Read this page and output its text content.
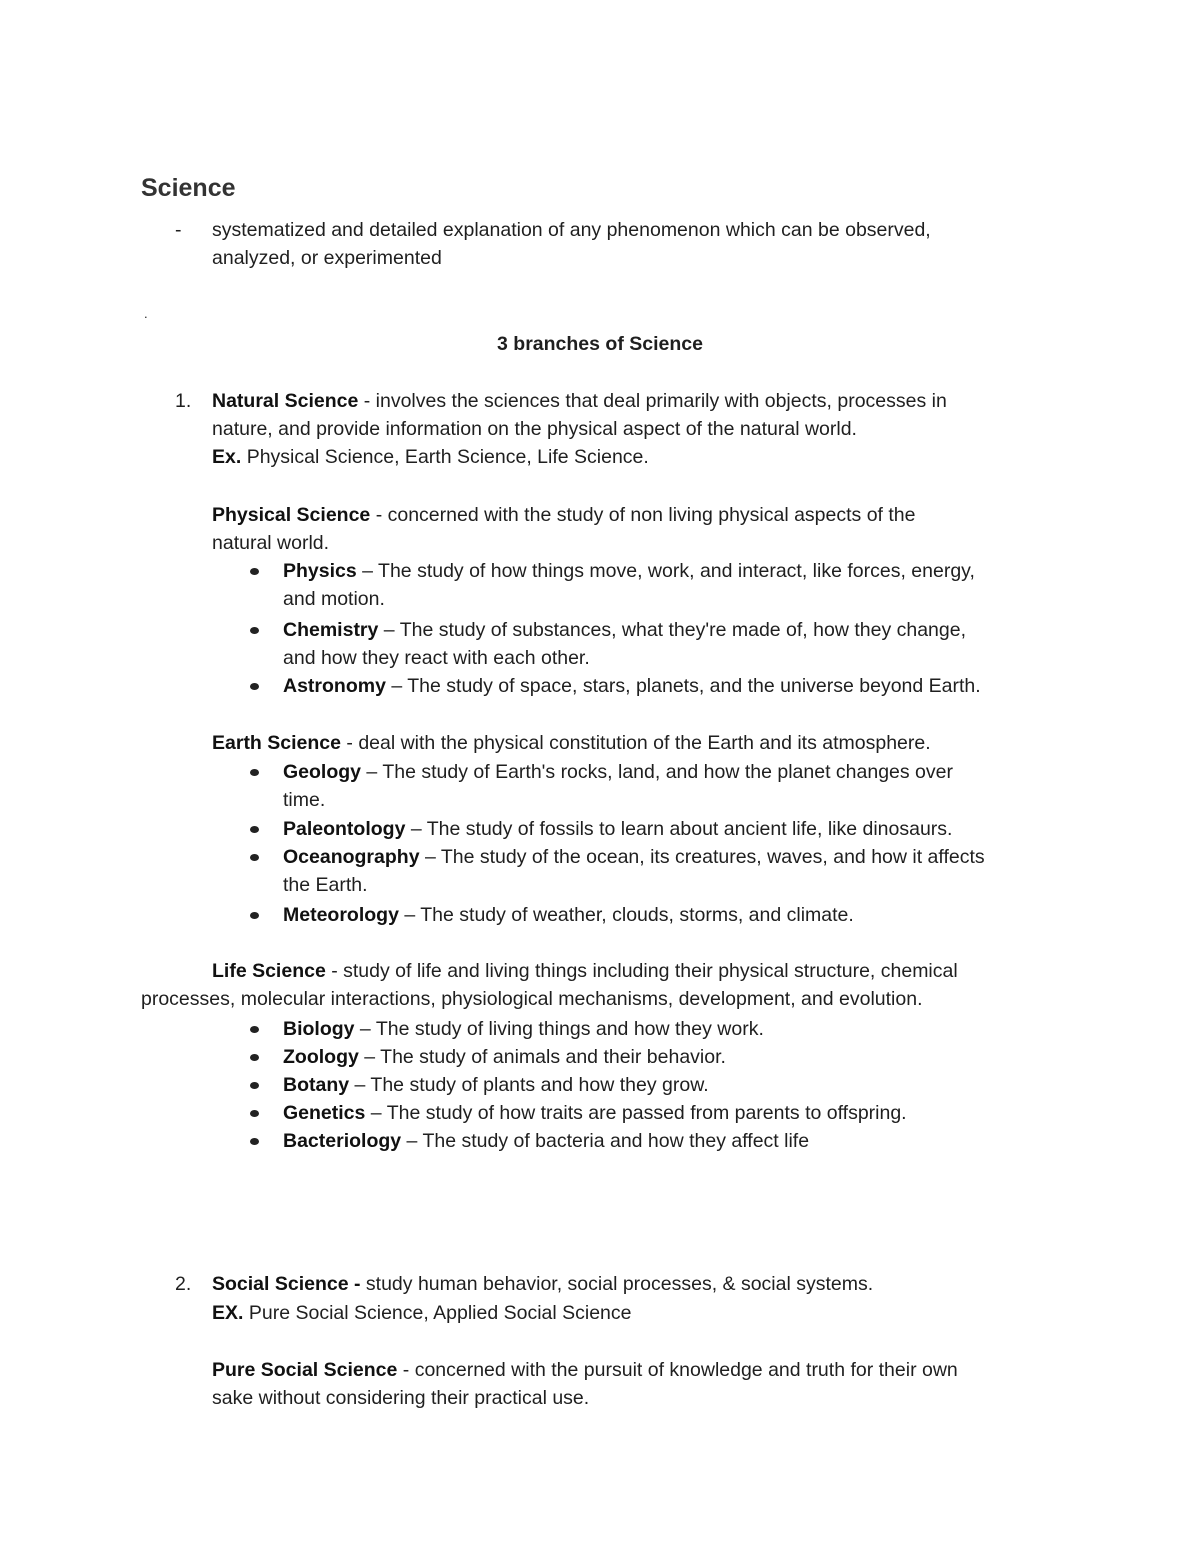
Science
- systematized and detailed explanation of any phenomenon which can be observed,
analyzed, or experimented
.
3 branches of Science
1. Natural Science - involves the sciences that deal primarily with objects, processes in
nature, and provide information on the physical aspect of the natural world.
Ex. Physical Science, Earth Science, Life Science.
Physical Science - concerned with the study of non living physical aspects of the
natural world.
Physics – The study of how things move, work, and interact, like forces, energy,
and motion.
Chemistry – The study of substances, what they're made of, how they change,
and how they react with each other.
Astronomy – The study of space, stars, planets, and the universe beyond Earth.
Earth Science - deal with the physical constitution of the Earth and its atmosphere.
Geology – The study of Earth's rocks, land, and how the planet changes over
time.
Paleontology – The study of fossils to learn about ancient life, like dinosaurs.
Oceanography – The study of the ocean, its creatures, waves, and how it affects
the Earth.
Meteorology – The study of weather, clouds, storms, and climate.
Life Science - study of life and living things including their physical structure, chemical
processes, molecular interactions, physiological mechanisms, development, and evolution.
Biology – The study of living things and how they work.
Zoology – The study of animals and their behavior.
Botany – The study of plants and how they grow.
Genetics – The study of how traits are passed from parents to offspring.
Bacteriology – The study of bacteria and how they affect life
2. Social Science - study human behavior, social processes, & social systems.
EX. Pure Social Science, Applied Social Science
Pure Social Science - concerned with the pursuit of knowledge and truth for their own
sake without considering their practical use.
